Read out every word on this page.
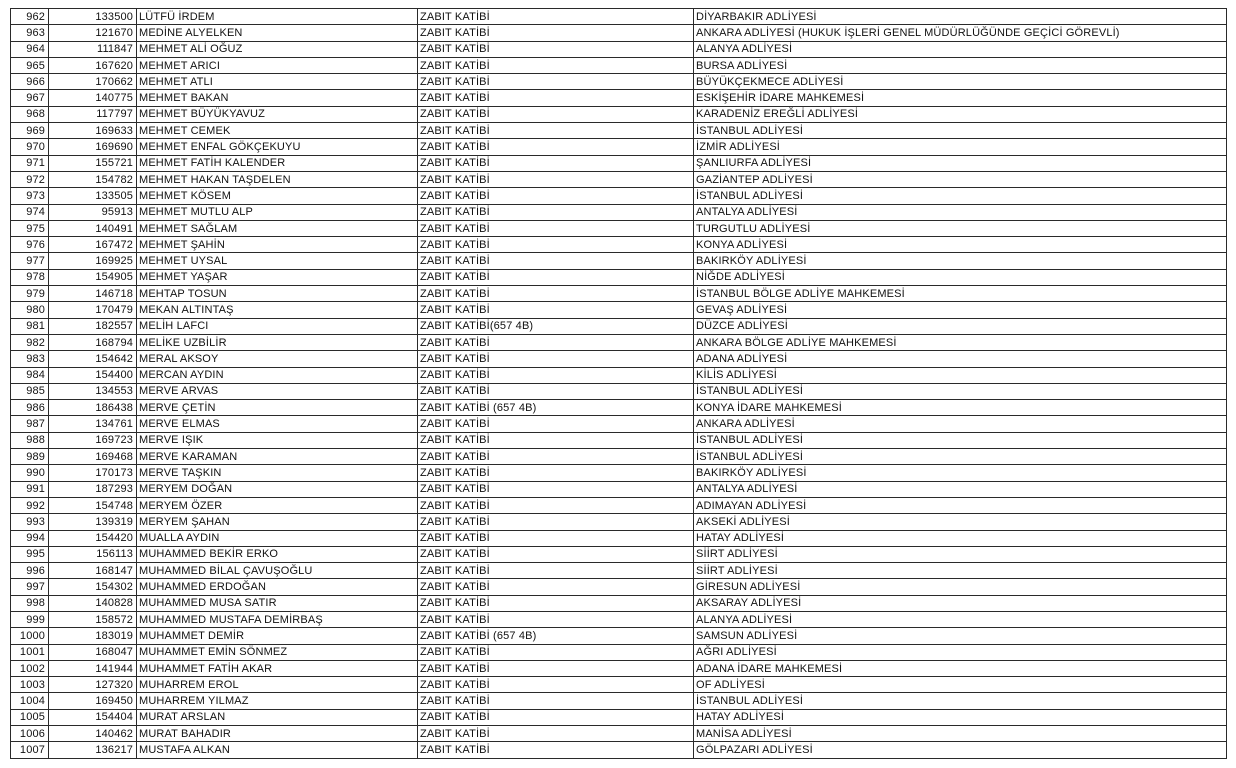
962	133500	LÜTFÜ İRDEM	ZABIT KATİBİ	DİYARBAKIR ADLİYESİ
963	121670	MEDİNE ALYELKEN	ZABIT KATİBİ	ANKARA ADLİYESİ (HUKUK İŞLERİ GENEL MÜDÜRLÜĞÜNDE GEÇİCİ GÖREVLİ)
964	111847	MEHMET ALİ OĞUZ	ZABIT KATİBİ	ALANYA ADLİYESİ
965	167620	MEHMET ARICI	ZABIT KATİBİ	BURSA ADLİYESİ
966	170662	MEHMET ATLI	ZABIT KATİBİ	BÜYÜKÇEKMECE ADLİYESİ
967	140775	MEHMET BAKAN	ZABIT KATİBİ	ESKİŞEHİR İDARE MAHKEMESİ
968	117797	MEHMET BÜYÜKYAVUZ	ZABIT KATİBİ	KARADENİZ EREĞLİ ADLİYESİ
969	169633	MEHMET CEMEK	ZABIT KATİBİ	İSTANBUL ADLİYESİ
970	169690	MEHMET ENFAL GÖKÇEKUYU	ZABIT KATİBİ	İZMİR ADLİYESİ
971	155721	MEHMET FATİH KALENDER	ZABIT KATİBİ	ŞANLIURFA ADLİYESİ
972	154782	MEHMET HAKAN TAŞDELEN	ZABIT KATİBİ	GAZİANTEP ADLİYESİ
973	133505	MEHMET KÖSEM	ZABIT KATİBİ	İSTANBUL ADLİYESİ
974	95913	MEHMET MUTLU ALP	ZABIT KATİBİ	ANTALYA ADLİYESİ
975	140491	MEHMET SAĞLAM	ZABIT KATİBİ	TURGUTLU ADLİYESİ
976	167472	MEHMET ŞAHİN	ZABIT KATİBİ	KONYA ADLİYESİ
977	169925	MEHMET UYSAL	ZABIT KATİBİ	BAKIRKÖY ADLİYESİ
978	154905	MEHMET YAŞAR	ZABIT KATİBİ	NİĞDE ADLİYESİ
979	146718	MEHTAP TOSUN	ZABIT KATİBİ	İSTANBUL BÖLGE ADLİYE MAHKEMESİ
980	170479	MEKAN ALTINTAŞ	ZABIT KATİBİ	GEVAŞ ADLİYESİ
981	182557	MELİH LAFCI	ZABIT KATİBİ(657 4B)	DÜZCE ADLİYESİ
982	168794	MELİKE UZBİLİR	ZABIT KATİBİ	ANKARA BÖLGE ADLİYE MAHKEMESİ
983	154642	MERAL AKSOY	ZABIT KATİBİ	ADANA ADLİYESİ
984	154400	MERCAN AYDIN	ZABIT KATİBİ	KİLİS ADLİYESİ
985	134553	MERVE ARVAS	ZABIT KATİBİ	İSTANBUL ADLİYESİ
986	186438	MERVE ÇETİN	ZABIT KATİBİ (657 4B)	KONYA İDARE MAHKEMESİ
987	134761	MERVE ELMAS	ZABIT KATİBİ	ANKARA ADLİYESİ
988	169723	MERVE IŞIK	ZABIT KATİBİ	İSTANBUL ADLİYESİ
989	169468	MERVE KARAMAN	ZABIT KATİBİ	İSTANBUL ADLİYESİ
990	170173	MERVE TAŞKIN	ZABIT KATİBİ	BAKIRKÖY ADLİYESİ
991	187293	MERYEM DOĞAN	ZABIT KATİBİ	ANTALYA ADLİYESİ
992	154748	MERYEM ÖZER	ZABIT KATİBİ	ADIMAYAN ADLİYESİ
993	139319	MERYEM ŞAHAN	ZABIT KATİBİ	AKSEKİ ADLİYESİ
994	154420	MUALLA AYDIN	ZABIT KATİBİ	HATAY ADLİYESİ
995	156113	MUHAMMED BEKİR ERKO	ZABIT KATİBİ	SİİRT ADLİYESİ
996	168147	MUHAMMED BİLAL ÇAVUŞOĞLU	ZABIT KATİBİ	SİİRT ADLİYESİ
997	154302	MUHAMMED ERDOĞAN	ZABIT KATİBİ	GİRESUN ADLİYESİ
998	140828	MUHAMMED MUSA SATIR	ZABIT KATİBİ	AKSARAY ADLİYESİ
999	158572	MUHAMMED MUSTAFA DEMİRBAŞ	ZABIT KATİBİ	ALANYA ADLİYESİ
1000	183019	MUHAMMET DEMİR	ZABIT KATİBİ (657 4B)	SAMSUN ADLİYESİ
1001	168047	MUHAMMET EMİN SÖNMEZ	ZABIT KATİBİ	AĞRI ADLİYESİ
1002	141944	MUHAMMET FATİH AKAR	ZABIT KATİBİ	ADANA İDARE MAHKEMESİ
1003	127320	MUHARREM EROL	ZABIT KATİBİ	OF ADLİYESİ
1004	169450	MUHARREM YILMAZ	ZABIT KATİBİ	İSTANBUL ADLİYESİ
1005	154404	MURAT ARSLAN	ZABIT KATİBİ	HATAY ADLİYESİ
1006	140462	MURAT BAHADIR	ZABIT KATİBİ	MANİSA ADLİYESİ
1007	136217	MUSTAFA ALKAN	ZABIT KATİBİ	GÖLPAZARI ADLİYESİ
